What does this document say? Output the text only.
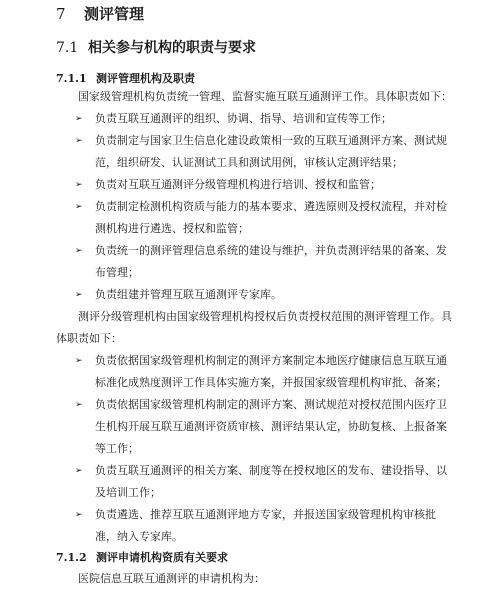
7 测评管理
7.1 相关参与机构的职责与要求
7.1.1 测评管理机构及职责
国家级管理机构负责统一管理、监督实施互联互通测评工作。具体职责如下：
➢ 负责互联互通测评的组织、协调、指导、培训和宣传等工作；
➢ 负责制定与国家卫生信息化建设政策相一致的互联互通测评方案、测试规范，组织研发、认证测试工具和测试用例，审核认定测评结果；
➢ 负责对互联互通测评分级管理机构进行培训、授权和监管；
➢ 负责制定检测机构资质与能力的基本要求、遴选原则及授权流程，并对检测机构进行遴选、授权和监管；
➢ 负责统一的测评管理信息系统的建设与维护，并负责测评结果的备案、发布管理；
➢ 负责组建并管理互联互通测评专家库。
测评分级管理机构由国家级管理机构授权后负责授权范围的测评管理工作。具体职责如下：
➢ 负责依据国家级管理机构制定的测评方案制定本地医疗健康信息互联互通标准化成熟度测评工作具体实施方案，并报国家级管理机构审批、备案；
➢ 负责依据国家级管理机构制定的测评方案、测试规范对授权范围内医疗卫生机构开展互联互通测评资质审核、测评结果认定，协助复核、上报备案等工作；
➢ 负责互联互通测评的相关方案、制度等在授权地区的发布、建设指导、以及培训工作；
➢ 负责遴选、推荐互联互通测评地方专家，并报送国家级管理机构审核批准，纳入专家库。
7.1.2 测评申请机构资质有关要求
医院信息互联互通测评的申请机构为：
